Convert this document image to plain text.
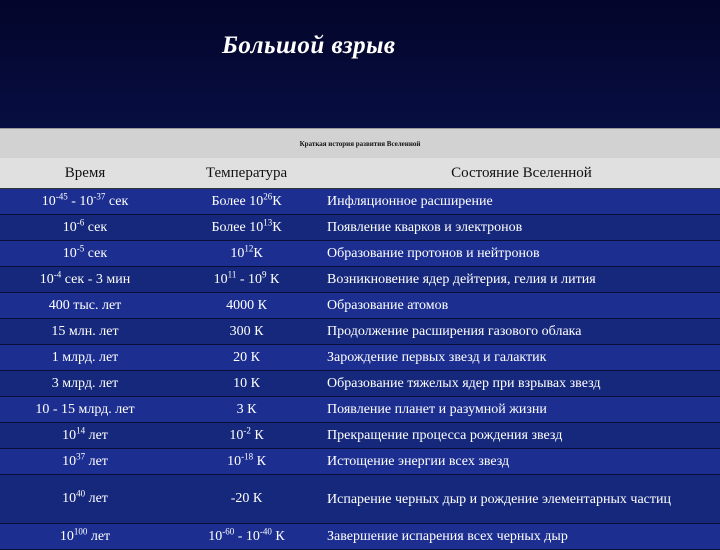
Большой взрыв
Краткая история развития Вселенной
Время	Температура	Состояние Вселенной
$10^{-45} - 10^{-37}$ сек	Более $10^{26}К$	Инфляционное расширение
$10^{-6}$ сек	Более $10^{13}К$	Появление кварков и электронов
$10^{-5}$ сек	$10^{12}К$	Образование протонов и нейтронов
$10^{-4}$ сек - 3 мин	$10^{11} - 10^9$ К	Возникновение ядер дейтерия, гелия и лития
400 тыс. лет	4000 К	Образование атомов
15 млн. лет	300 К	Продолжение расширения газового облака
1 млрд. лет	20 К	Зарождение первых звезд и галактик
3 млрд. лет	10 К	Образование тяжелых ядер при взрывах звезд
10 - 15 млрд. лет	3 К	Появление планет и разумной жизни
$10^{14}$ лет	$10^{-2}$ К	Прекращение процесса рождения звезд
$10^{37}$ лет	$10^{-18}$ К	Истощение энергии всех звезд
$10^{40}$ лет	-20 К	Испарение черных дыр и рождение элементарных частиц
$10^{100}$ лет	$10^{-60} - 10^{-40}$ К	Завершение испарения всех черных дыр
